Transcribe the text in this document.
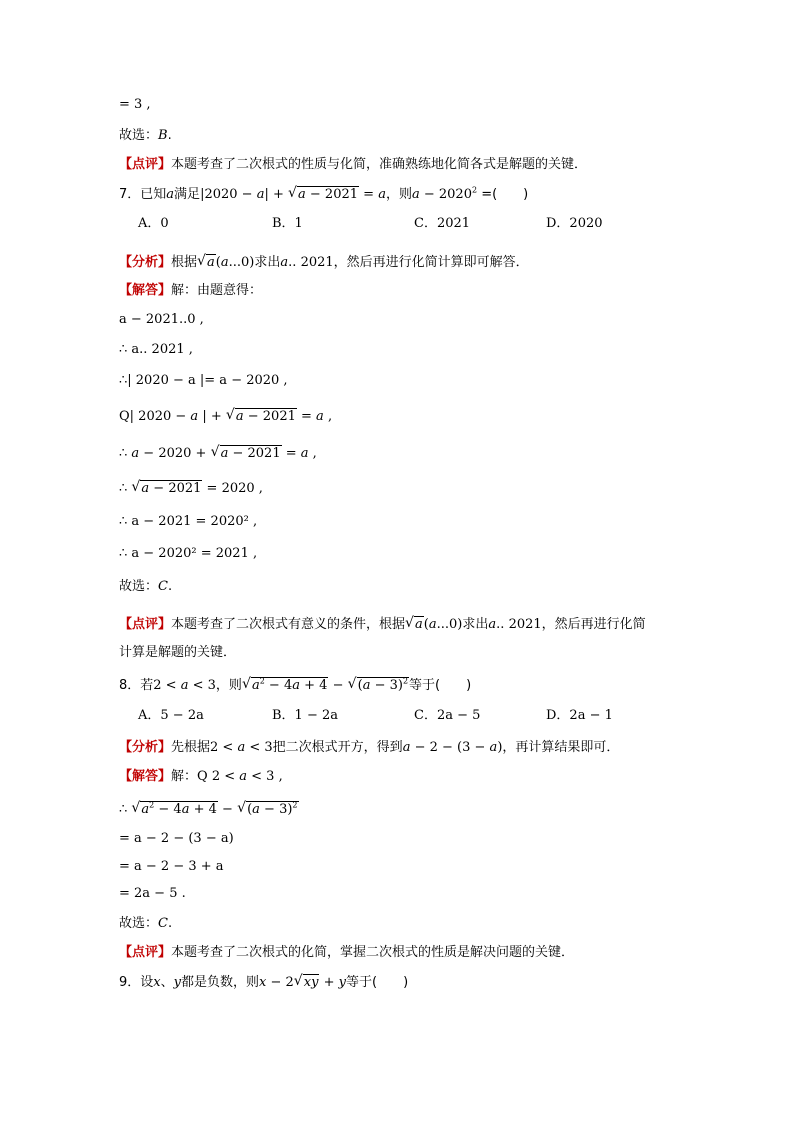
= 3 ,
故选：B.
【点评】本题考查了二次根式的性质与化简，准确熟练地化简各式是解题的关键．
7．已知a满足|2020 − a| + √ a − 2021 = a，则$a - 2020^2$ =(　　)
A．0	B．1	C．2021	D．2020
【分析】根据 √ a(a...0)求出a.. 2021，然后再进行化简计算即可解答．
【解答】解：由题意得：
a − 2021..0 ,
∴ a.. 2021 ,
∴| 2020 − a |= a − 2020 ,
Q| 2020 − a | + √ a − 2021 = a ,
∴ a − 2020 + √ a − 2021 = a ,
∴ √ a − 2021 = 2020 ,
∴ a − 2021 = 2020² ,
∴ a − 2020² = 2021 ,
故选：C.
【点评】本题考查了二次根式有意义的条件，根据 √ a(a...0)求出a.. 2021，然后再进行化简
计算是解题的关键．
8．若2 < a < 3，则 √ $a^2 - 4a + 4$ − √ $(a - 3)^2$等于(　　)
A．5 − 2a	B．1 − 2a	C．2a − 5	D．2a − 1
【分析】先根据2 < a < 3把二次根式开方，得到a − 2 − (3 − a)，再计算结果即可．
【解答】解：Q 2 < a < 3 ,
∴ √ $a^2 - 4a + 4$ − √ $(a - 3)^2$
= a − 2 − (3 − a)
= a − 2 − 3 + a
= 2a − 5 .
故选：C.
【点评】本题考查了二次根式的化简，掌握二次根式的性质是解决问题的关键．
9．设x、y都是负数，则x − 2 √ xy + y等于(　　)
